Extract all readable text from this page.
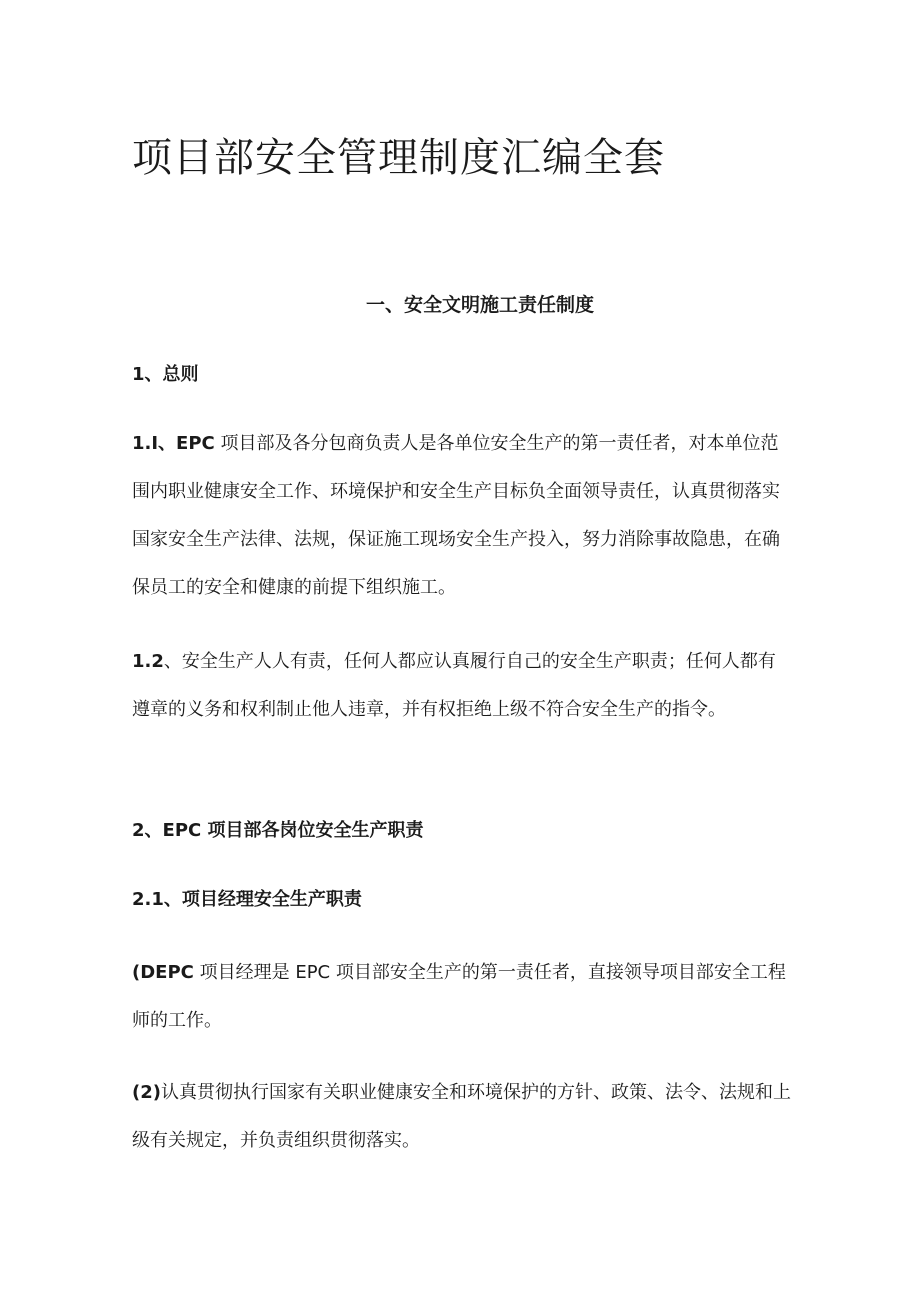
项目部安全管理制度汇编全套
一、安全文明施工责任制度

1、总则

1.I、EPC 项目部及各分包商负责人是各单位安全生产的第一责任者，对本单位范围内职业健康安全工作、环境保护和安全生产目标负全面领导责任，认真贯彻落实国家安全生产法律、法规，保证施工现场安全生产投入，努力消除事故隐患，在确保员工的安全和健康的前提下组织施工。

1.2、安全生产人人有责，任何人都应认真履行自己的安全生产职责；任何人都有遵章的义务和权利制止他人违章，并有权拒绝上级不符合安全生产的指令。

2、EPC 项目部各岗位安全生产职责

2.1、项目经理安全生产职责

(DEPC 项目经理是 EPC 项目部安全生产的第一责任者，直接领导项目部安全工程师的工作。

(2)认真贯彻执行国家有关职业健康安全和环境保护的方针、政策、法令、法规和上级有关规定，并负责组织贯彻落实。
